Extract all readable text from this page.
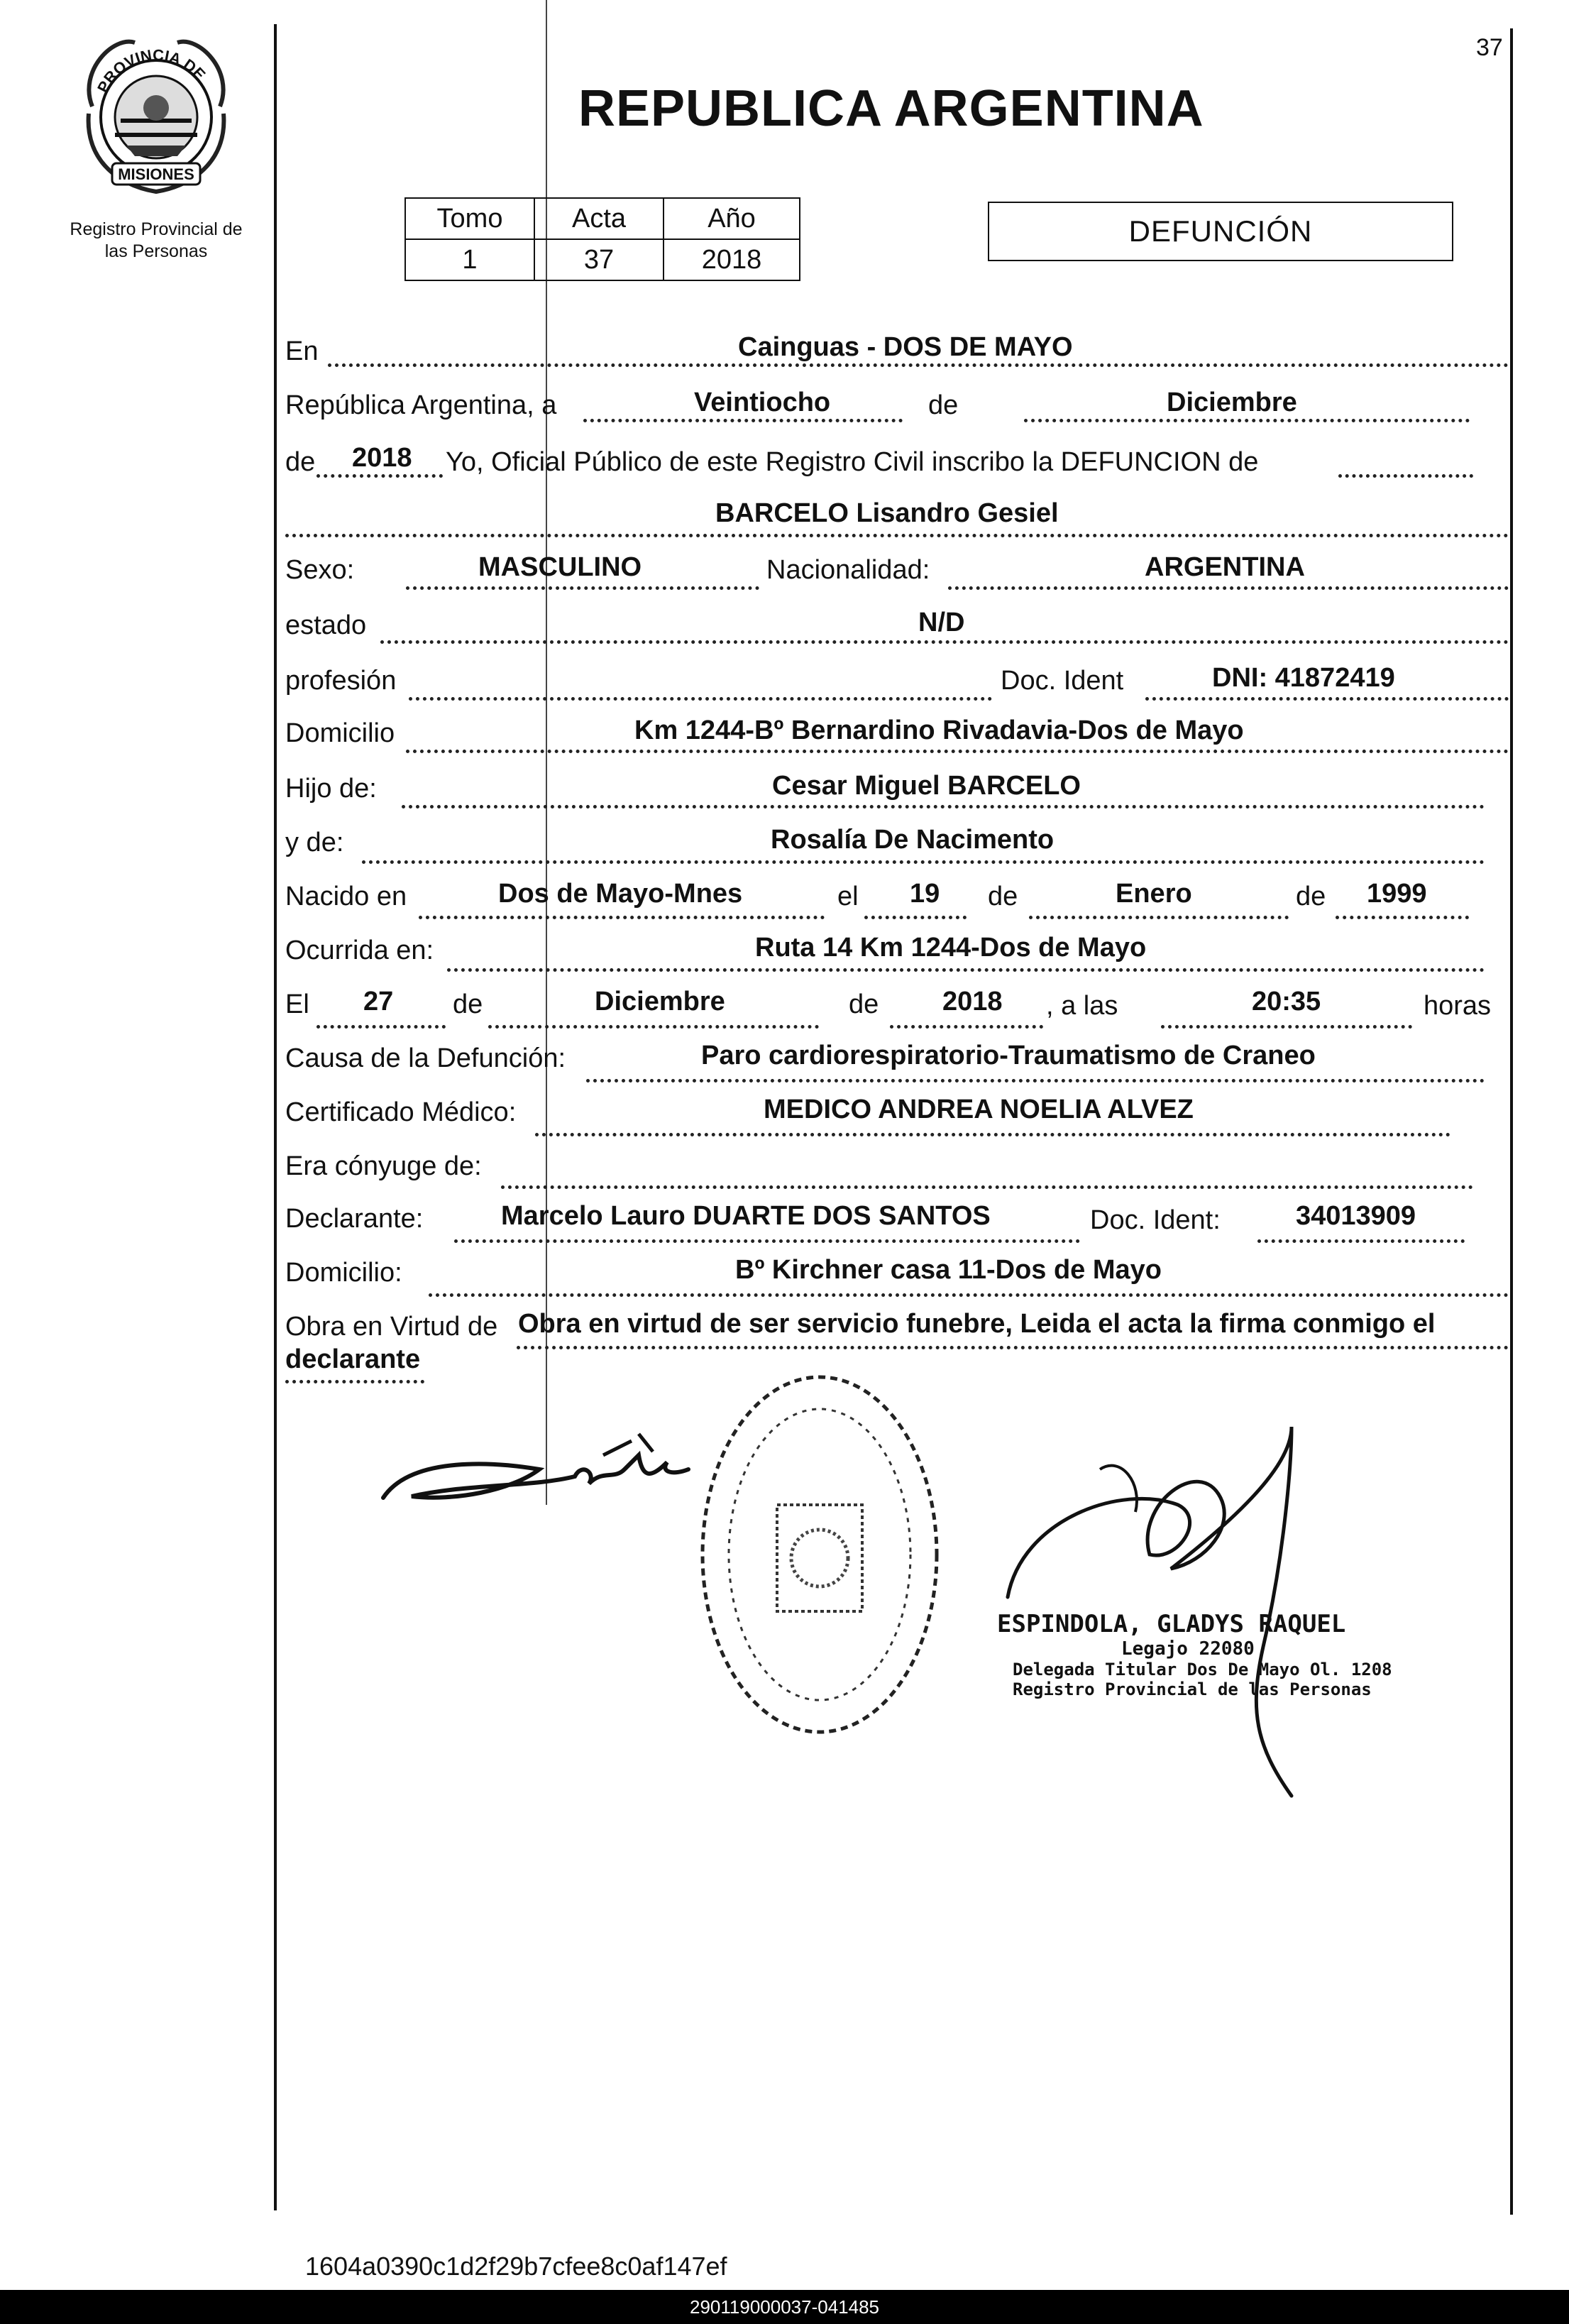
PROVINCIA DE
MISIONES
Registro Provincial de
las Personas
37
REPUBLICA ARGENTINA
Tomo	Acta	Año
1	37	2018
DEFUNCIÓN
En	Cainguas - DOS DE MAYO
República Argentina, a	Veintiocho	de	Diciembre
de 2018 Yo, Oficial Público de este Registro Civil inscribo la DEFUNCION de
BARCELO Lisandro Gesiel
Sexo:	MASCULINO	Nacionalidad:	ARGENTINA
estado	N/D
profesión	Doc. Ident	DNI: 41872419
Domicilio	Km 1244-Bº Bernardino Rivadavia-Dos de Mayo
Hijo de:	Cesar Miguel BARCELO
y de:	Rosalía De Nacimento
Nacido en	Dos de Mayo-Mnes	el 19 de	Enero	de 1999
Ocurrida en:	Ruta 14 Km 1244-Dos de Mayo
El 27 de	Diciembre	de 2018 , a las	20:35	horas
Causa de la Defunción:	Paro cardiorespiratorio-Traumatismo de Craneo
Certificado Médico:	MEDICO ANDREA NOELIA ALVEZ
Era cónyuge de:
Declarante:	Marcelo Lauro DUARTE DOS SANTOS	Doc. Ident:	34013909
Domicilio:	Bº Kirchner casa 11-Dos de Mayo
Obra en Virtud de Obra en virtud de ser servicio funebre, Leida el acta la firma conmigo el
declarante
ESPINDOLA, GLADYS RAQUEL
Legajo 22080
Delegada Titular Dos De Mayo Ol. 1208
Registro Provincial de las Personas
1604a0390c1d2f29b7cfee8c0af147ef
290119000037-041485
